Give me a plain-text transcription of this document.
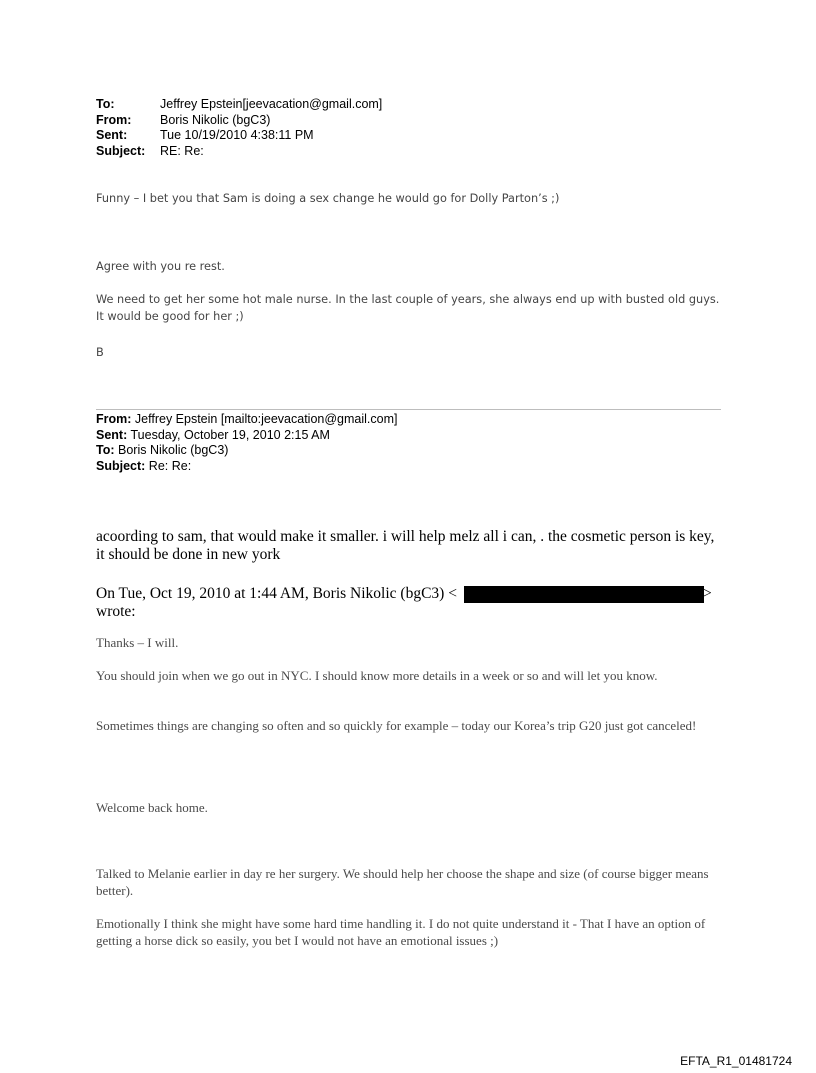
To:	Jeffrey Epstein[jeevacation@gmail.com]
From:	Boris Nikolic (bgC3)
Sent:	Tue 10/19/2010 4:38:11 PM
Subject:	RE: Re:

Funny – I bet you that Sam is doing a sex change he would go for Dolly Parton’s ;)

Agree with you re rest.

We need to get her some hot male nurse. In the last couple of years, she always end up with busted old guys. It would be good for her ;)

B

From: Jeffrey Epstein [mailto:jeevacation@gmail.com]
Sent: Tuesday, October 19, 2010 2:15 AM
To: Boris Nikolic (bgC3)
Subject: Re: Re:

acoording to sam, that would make it smaller. i will help melz all i can, . the cosmetic person is key, it should be done in new york

On Tue, Oct 19, 2010 at 1:44 AM, Boris Nikolic (bgC3) <	>

wrote:

Thanks – I will.

You should join when we go out in NYC. I should know more details in a week or so and will let you know.

Sometimes things are changing so often and so quickly for example – today our Korea’s trip G20 just got canceled!

Welcome back home.

Talked to Melanie earlier in day re her surgery. We should help her choose the shape and size (of course bigger means better).

Emotionally I think she might have some hard time handling it. I do not quite understand it - That I have an option of getting a horse dick so easily, you bet I would not have an emotional issues ;)

EFTA_R1_01481724
